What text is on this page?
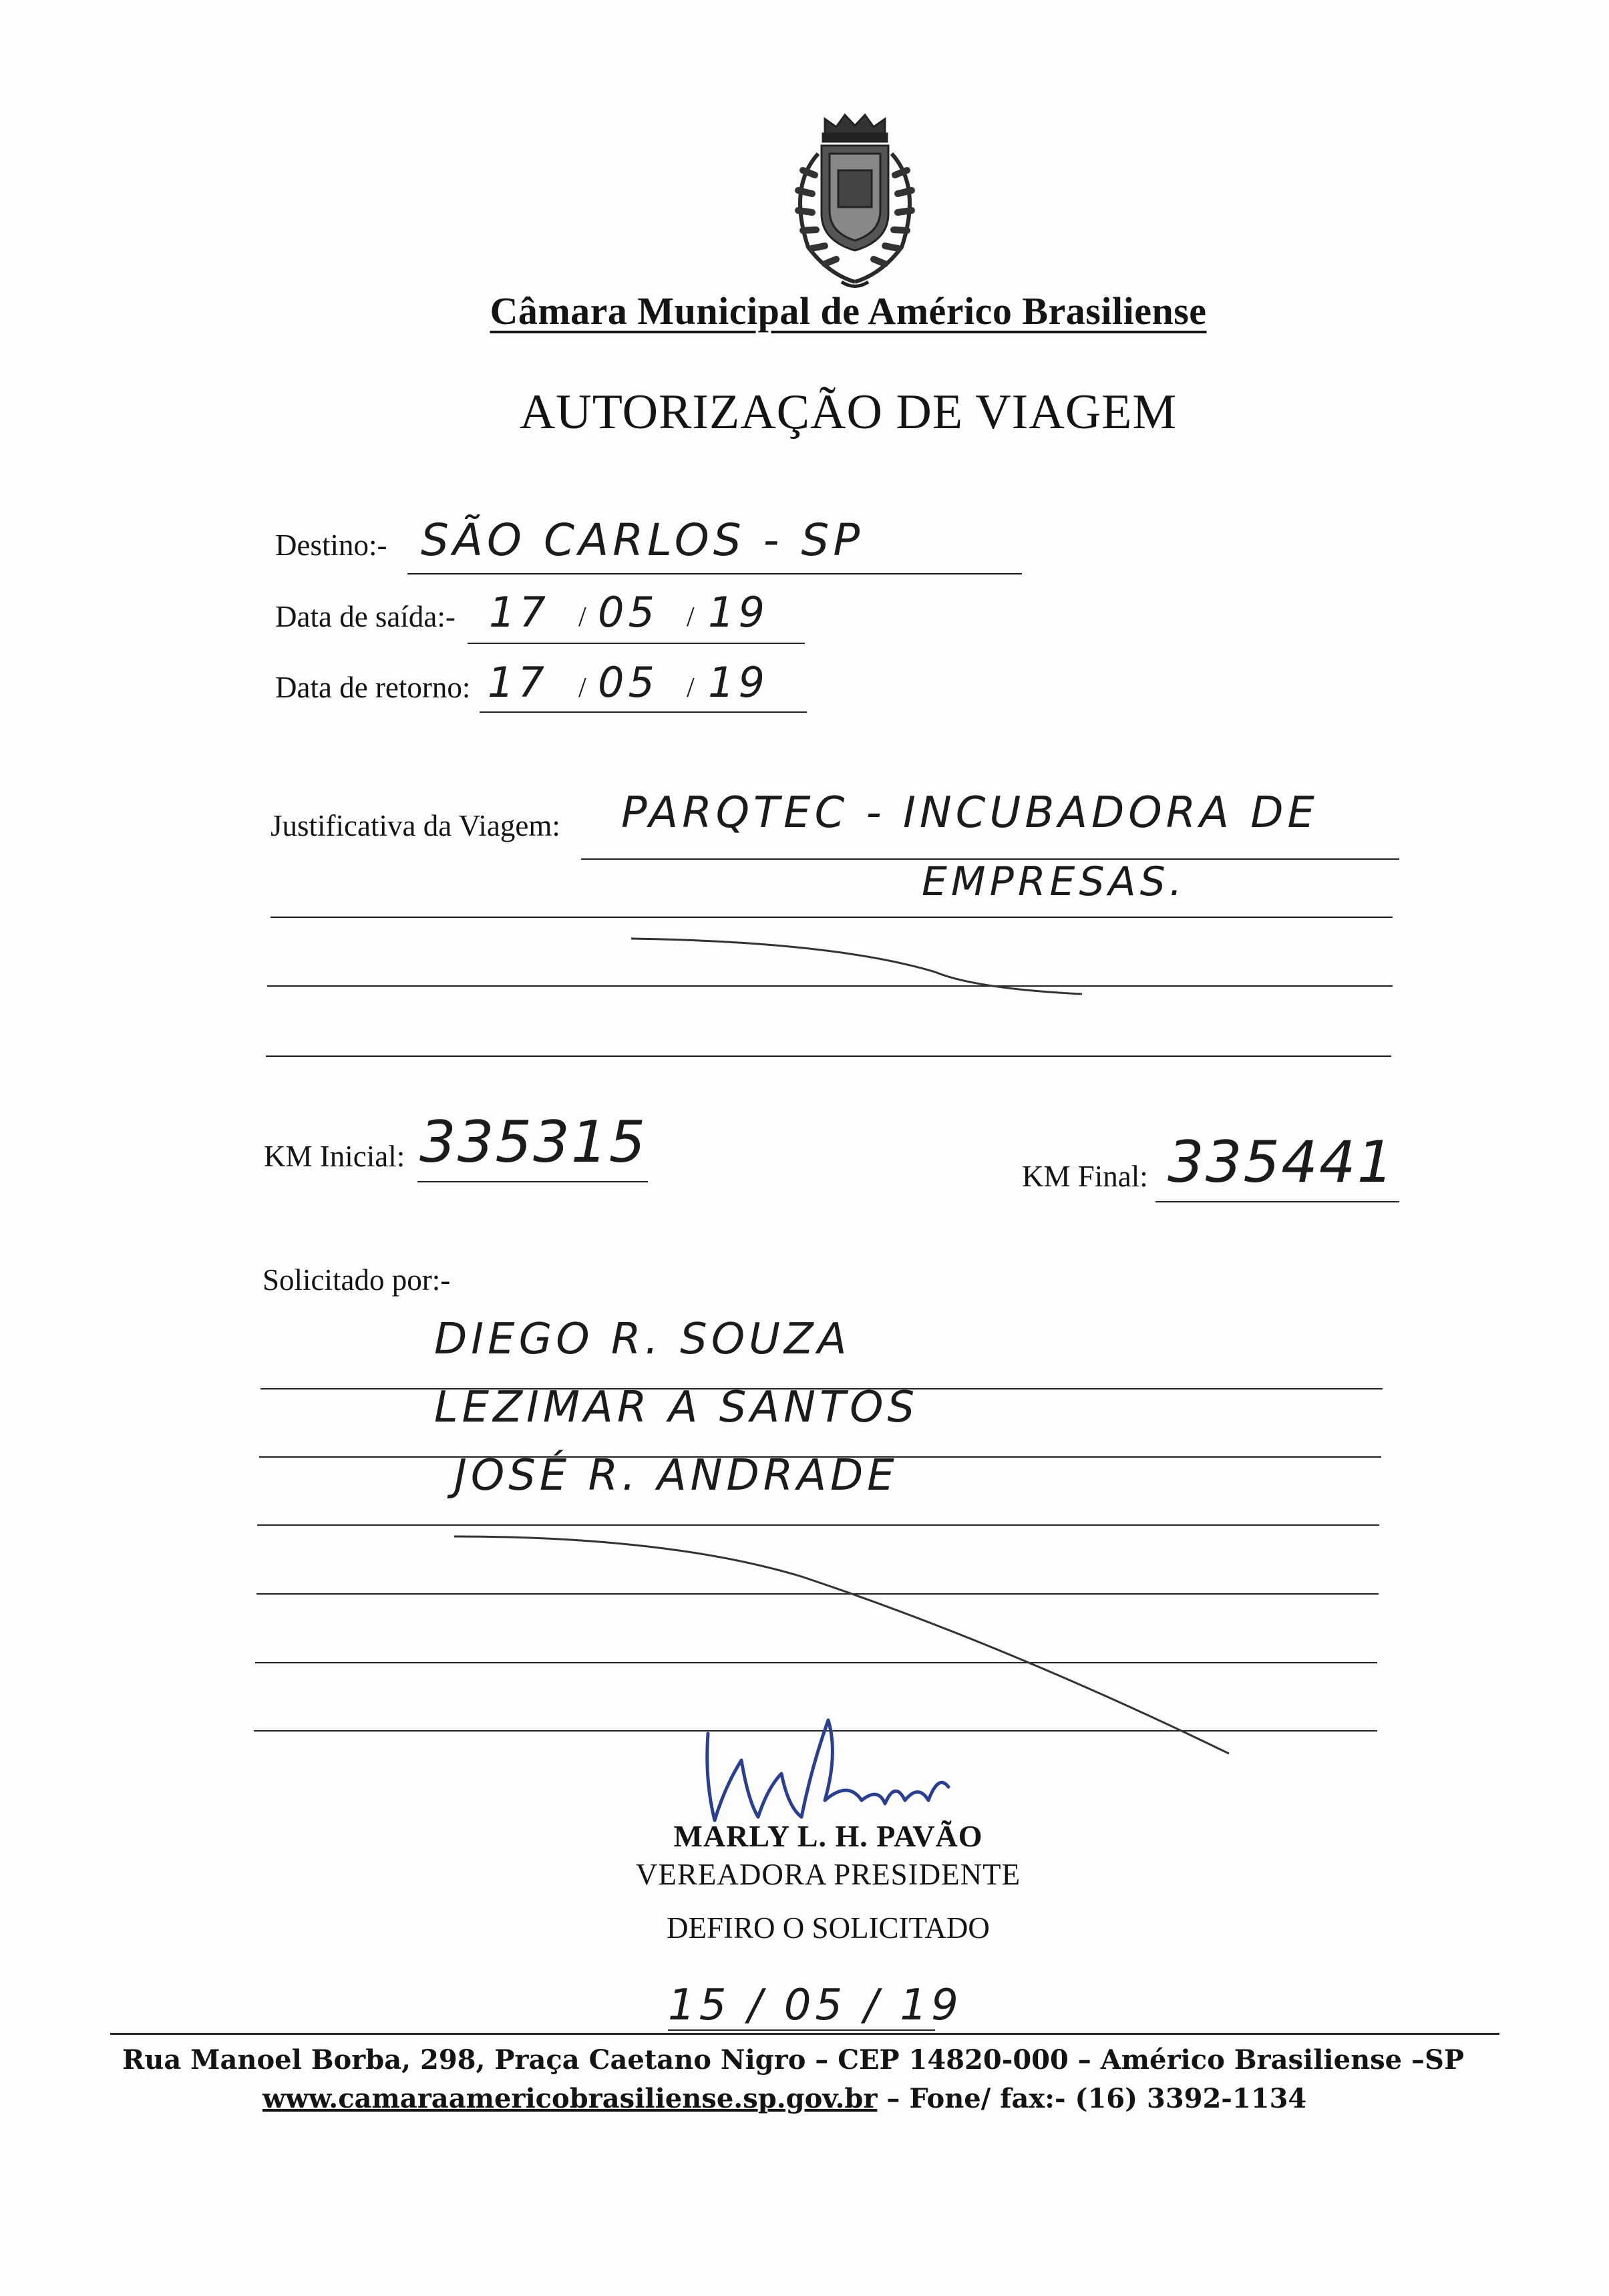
Câmara Municipal de Américo Brasiliense
AUTORIZAÇÃO DE VIAGEM
Destino:- SÃO CARLOS - SP
Data de saída:- 17 / 05 / 19
Data de retorno: 17 / 05 / 19
Justificativa da Viagem: PARQTEC - INCUBADORA DE
EMPRESAS.
KM Inicial: 335315
KM Final: 335441
Solicitado por:-
DIEGO R. SOUZA
LEZIMAR A SANTOS
JOSÉ R. ANDRADE
MARLY L. H. PAVÃO
VEREADORA PRESIDENTE
DEFIRO O SOLICITADO
15 / 05 / 19
Rua Manoel Borba, 298, Praça Caetano Nigro – CEP 14820-000 – Américo Brasiliense –SP
www.camaraamericobrasiliense.sp.gov.br – Fone/ fax:- (16) 3392-1134
